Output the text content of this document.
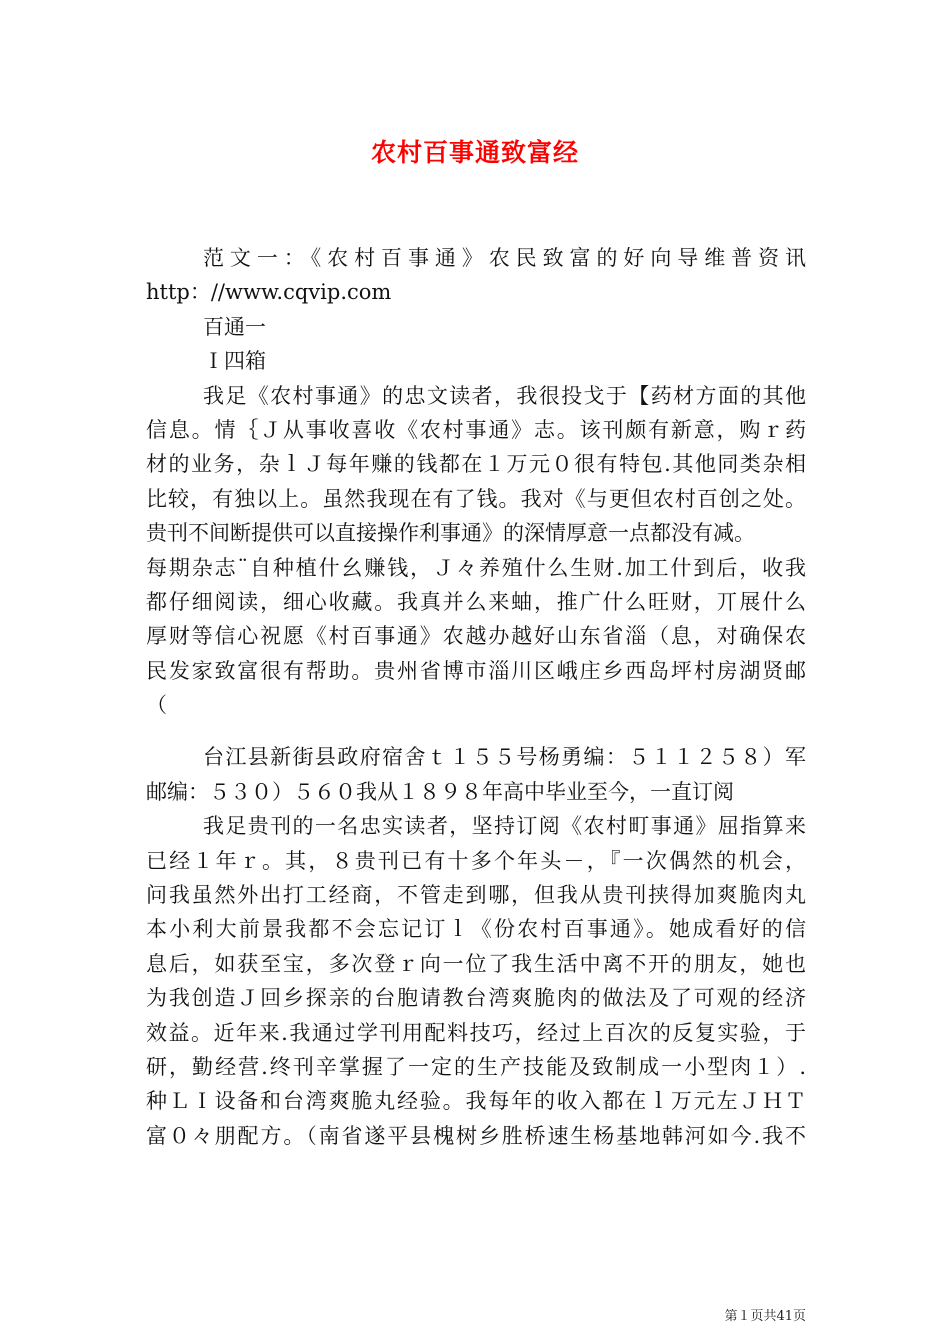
农村百事通致富经
范文一：《农村百事通》农民致富的好向导维普资讯
http：//www.cqvip.com
百通一
Ｉ四箱
我足《农村事通》的忠文读者，我很投戈于【药材方面的其他
信息。情｛Ｊ从事收喜收《农村事通》志。该刊颇有新意，购ｒ药
材的业务，杂ｌＪ每年赚的钱都在１万元０很有特包.其他同类杂相
比较，有独以上。虽然我现在有了钱。我对《与更但农村百创之处。
贵刊不间断提供可以直接操作利事通》的深情厚意一点都没有减。
每期杂志¨自种植什幺赚钱，Ｊ々养殖什么生财.加工什到后，收我
都仔细阅读，细心收藏。我真并么来蚰，推广什么旺财，丌展什么
厚财等信心祝愿《村百事通》农越办越好山东省淄（息，对确保农
民发家致富很有帮助。贵州省博市淄川区峨庄乡西岛坪村房湖贤邮
（
台江县新街县政府宿舍ｔ１５５号杨勇编：５１１２５８）军
邮编：５３０）５６０我从１８９８年高中毕业至今，一直订阅
我足贵刊的一名忠实读者，坚持订阅《农村町事通》屈指算来
已经１年ｒ。其，８贵刊已有十多个年头－，『一次偶然的机会，
问我虽然外出打工经商，不管走到哪，但我从贵刊挟得加爽脆肉丸
本小利大前景我都不会忘记订ｌ《份农村百事通》。她成看好的信
息后，如获至宝，多次登ｒ向一位了我生活中离不开的朋友，她也
为我创造Ｊ回乡探亲的台胞请教台湾爽脆肉的做法及了可观的经济
效益。近年来.我通过学刊用配料技巧，经过上百次的反复实验，于
研，勤经营.终刊辛掌握了一定的生产技能及致制成一小型肉１）.
种ＬＩ设备和台湾爽脆丸经验。我每年的收入都在ｌ万元左ＪＨＴ
富０々朋配方。（南省遂平县槐树乡胜桥速生杨基地韩河如今.我不
第１页共41页
